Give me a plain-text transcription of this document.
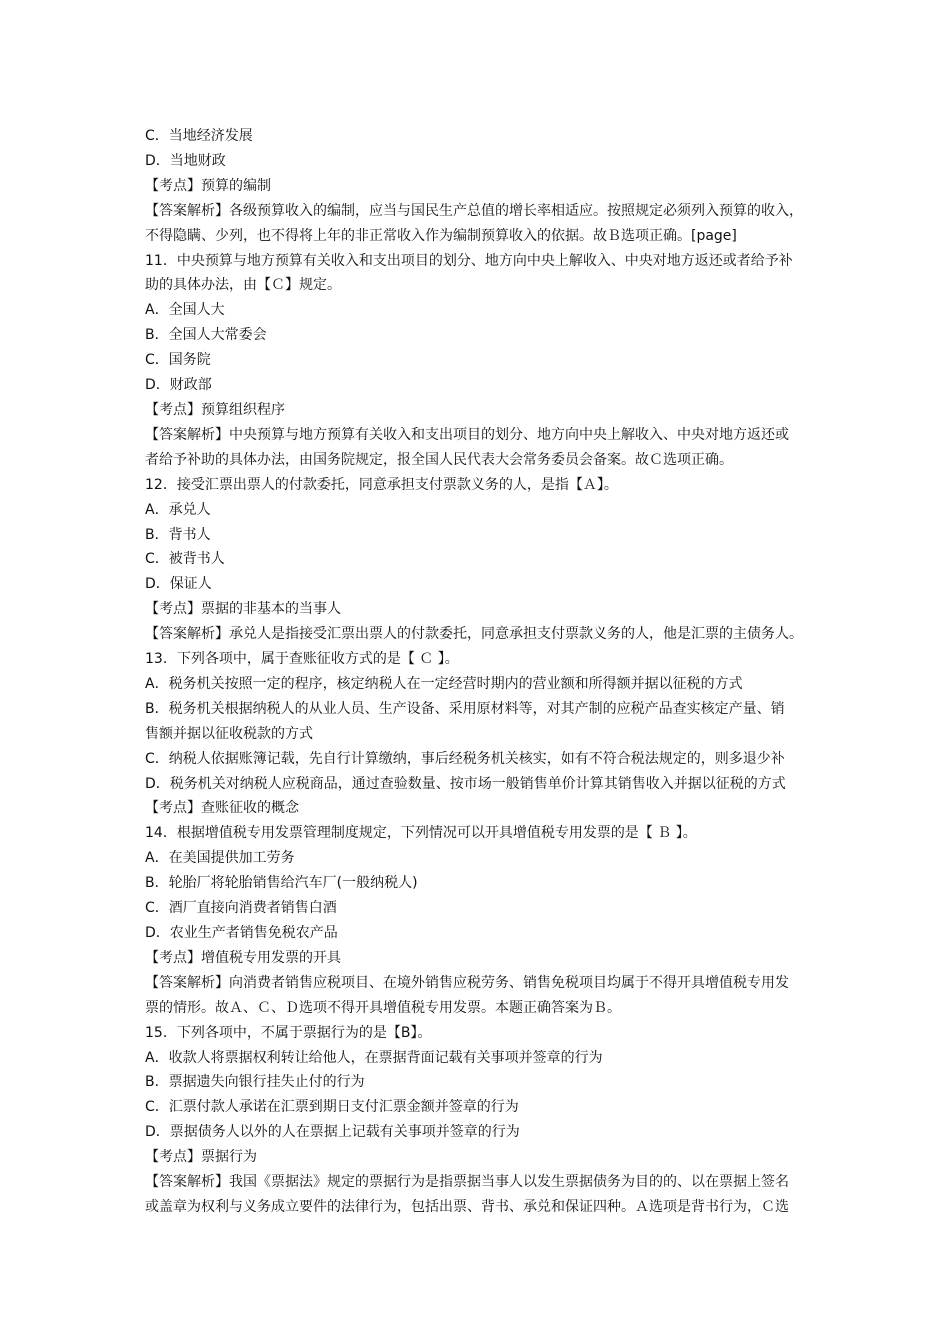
C．当地经济发展
D．当地财政
【考点】预算的编制
【答案解析】各级预算收入的编制，应当与国民生产总值的增长率相适应。按照规定必须列入预算的收入，
不得隐瞒、少列，也不得将上年的非正常收入作为编制预算收入的依据。故Ｂ选项正确。[page]
11．中央预算与地方预算有关收入和支出项目的划分、地方向中央上解收入、中央对地方返还或者给予补
助的具体办法，由【Ｃ】规定。
A．全国人大
B．全国人大常委会
C．国务院
D．财政部
【考点】预算组织程序
【答案解析】中央预算与地方预算有关收入和支出项目的划分、地方向中央上解收入、中央对地方返还或
者给予补助的具体办法，由国务院规定，报全国人民代表大会常务委员会备案。故Ｃ选项正确。
12．接受汇票出票人的付款委托，同意承担支付票款义务的人，是指【Ａ】。
A．承兑人
B．背书人
C．被背书人
D．保证人
【考点】票据的非基本的当事人
【答案解析】承兑人是指接受汇票出票人的付款委托，同意承担支付票款义务的人，他是汇票的主债务人。
13．下列各项中，属于查账征收方式的是【 Ｃ 】。
A．税务机关按照一定的程序，核定纳税人在一定经营时期内的营业额和所得额并据以征税的方式
B．税务机关根据纳税人的从业人员、生产设备、采用原材料等，对其产制的应税产品查实核定产量、销
售额并据以征收税款的方式
C．纳税人依据账簿记载，先自行计算缴纳，事后经税务机关核实，如有不符合税法规定的，则多退少补
D．税务机关对纳税人应税商品，通过查验数量、按市场一般销售单价计算其销售收入并据以征税的方式
【考点】查账征收的概念
14．根据增值税专用发票管理制度规定，下列情况可以开具增值税专用发票的是【 Ｂ 】。
A．在美国提供加工劳务
B．轮胎厂将轮胎销售给汽车厂(一般纳税人)
C．酒厂直接向消费者销售白酒
D．农业生产者销售免税农产品
【考点】增值税专用发票的开具
【答案解析】向消费者销售应税项目、在境外销售应税劳务、销售免税项目均属于不得开具增值税专用发
票的情形。故Ａ、Ｃ、Ｄ选项不得开具增值税专用发票。本题正确答案为Ｂ。
15．下列各项中，不属于票据行为的是【B】。
A．收款人将票据权利转让给他人，在票据背面记载有关事项并签章的行为
B．票据遗失向银行挂失止付的行为
C．汇票付款人承诺在汇票到期日支付汇票金额并签章的行为
D．票据债务人以外的人在票据上记载有关事项并签章的行为
【考点】票据行为
【答案解析】我国《票据法》规定的票据行为是指票据当事人以发生票据债务为目的的、以在票据上签名
或盖章为权利与义务成立要件的法律行为，包括出票、背书、承兑和保证四种。Ａ选项是背书行为，Ｃ选
